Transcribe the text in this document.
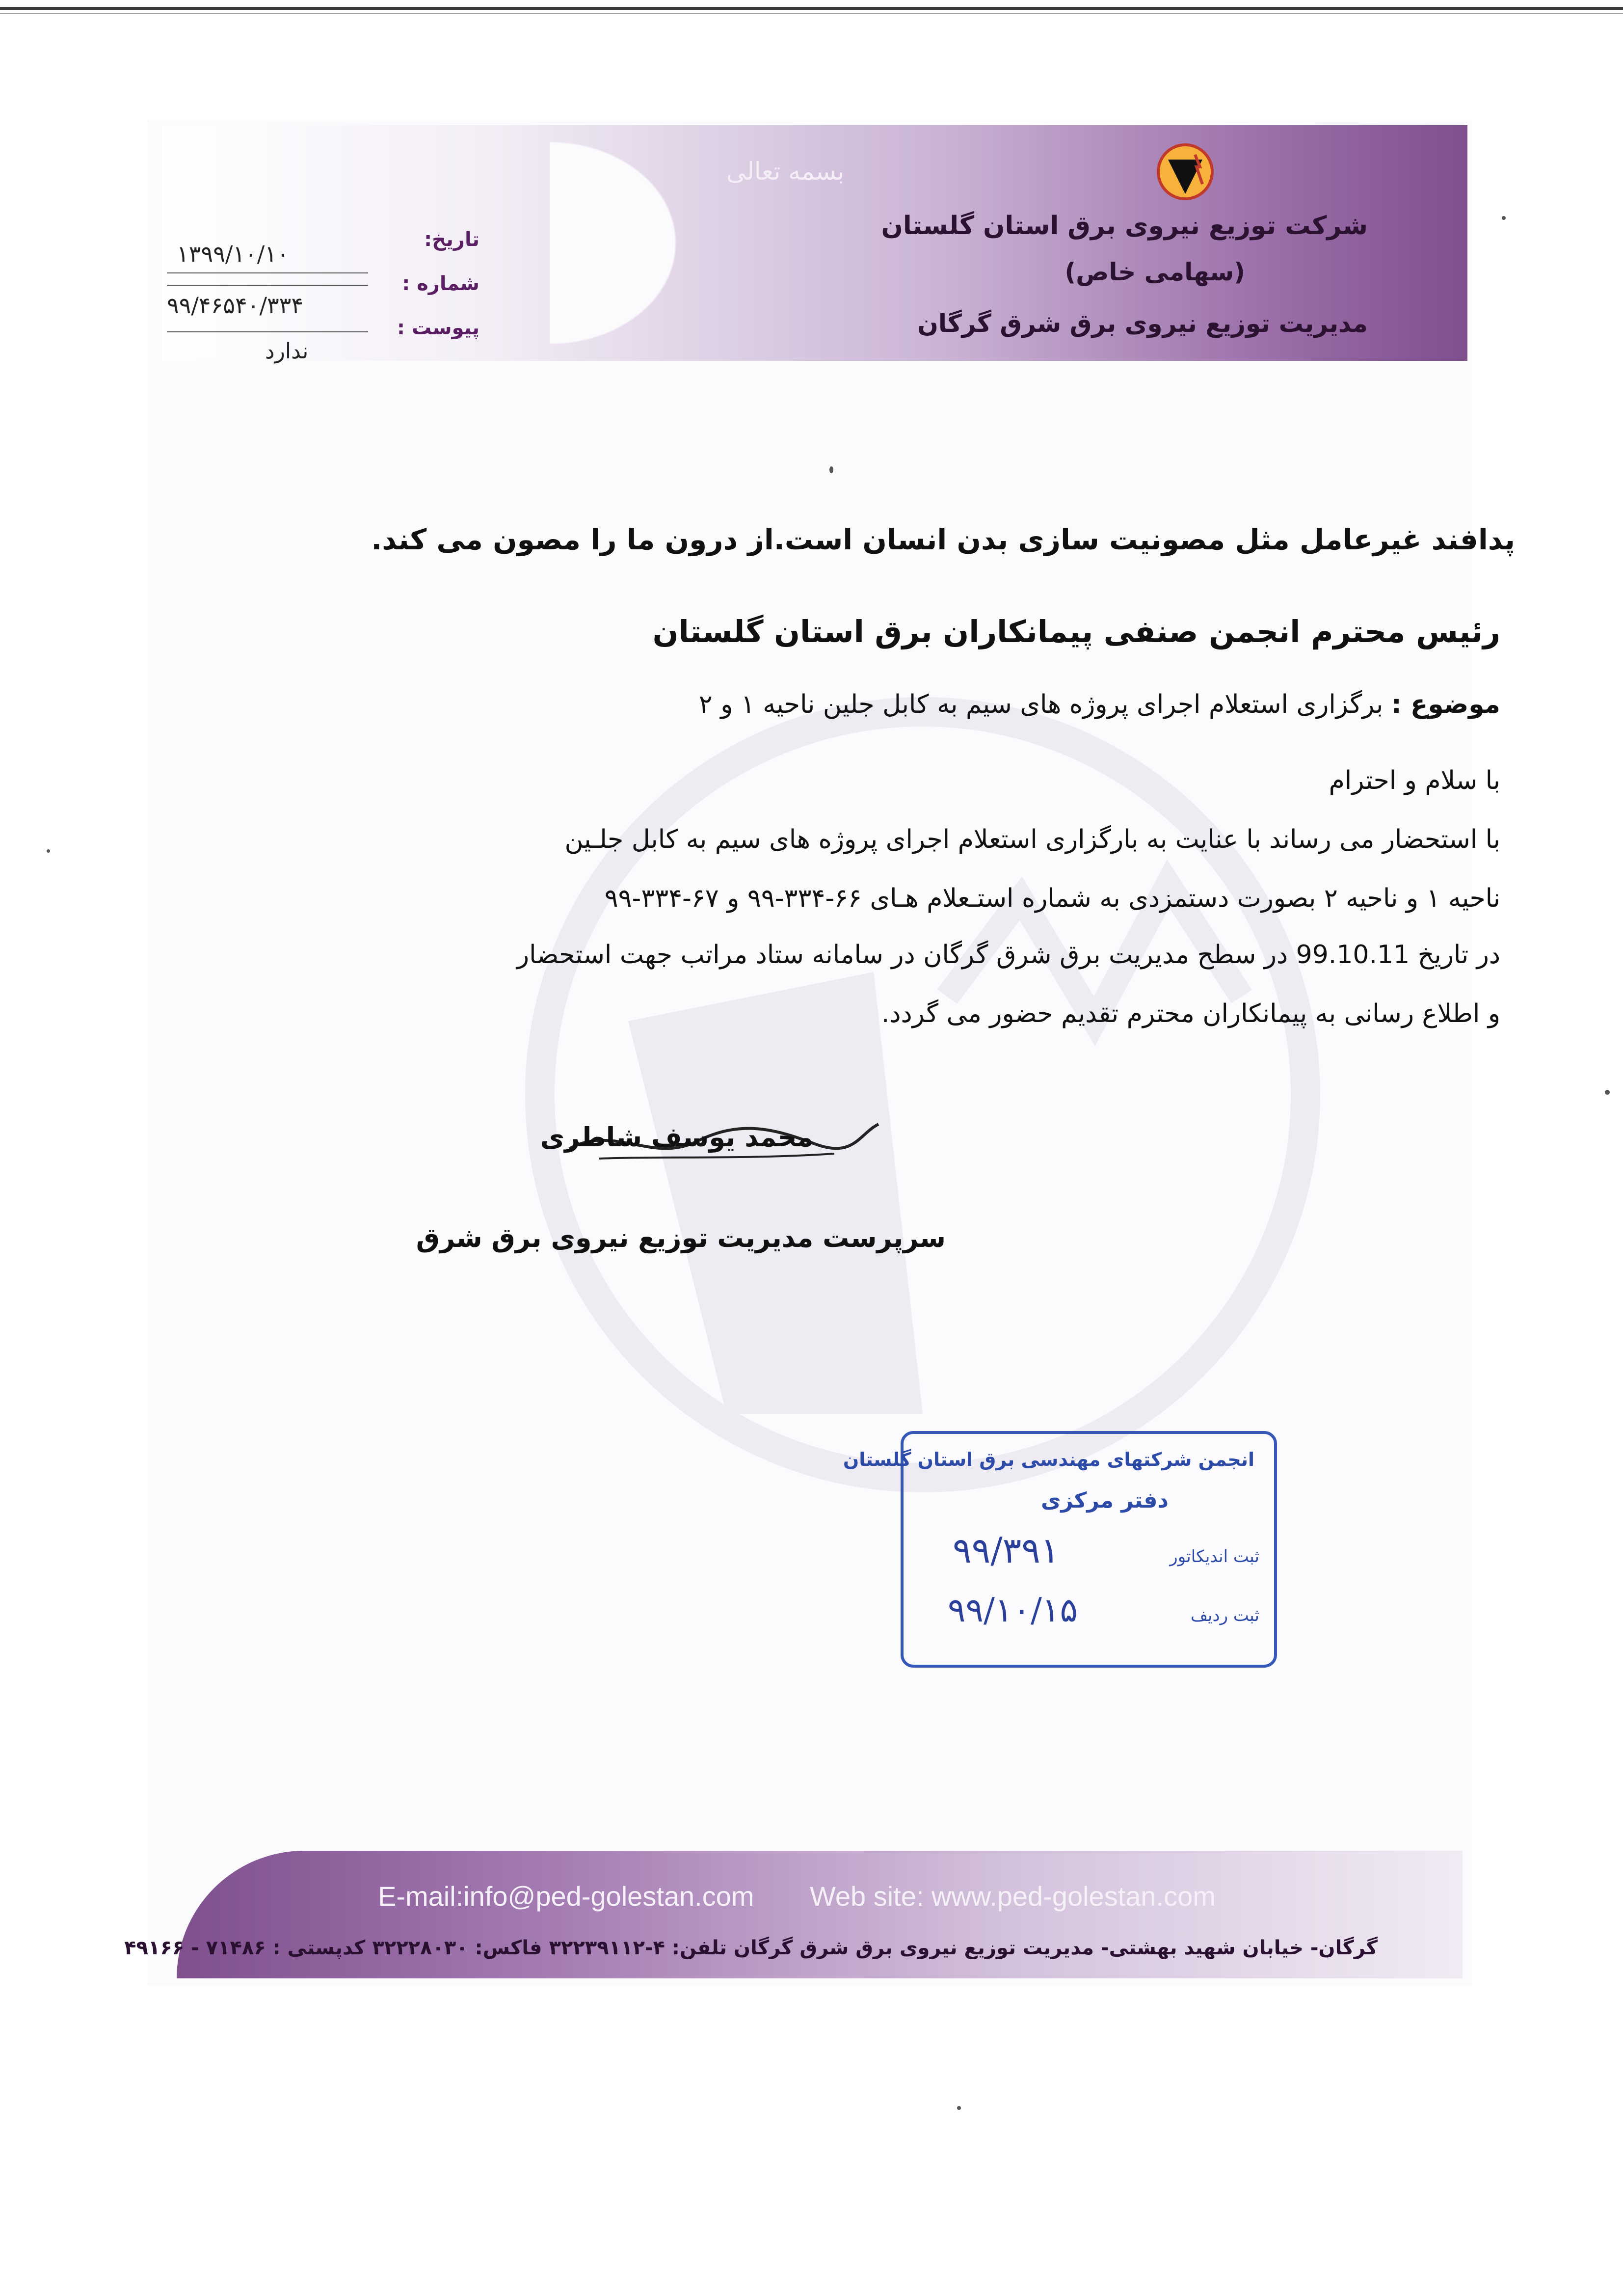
بسمه تعالی
شرکت توزیع نیروی برق استان گلستان
(سهامی خاص)
مدیریت توزیع نیروی برق شرق گرگان
تاریخ:
۱۳۹۹/۱۰/۱۰
شماره :
۹۹/۴۶۵۴۰/۳۳۴
پیوست :
ندارد
پدافند غیرعامل مثل مصونیت سازی بدن انسان است.از درون ما را مصون می کند.
رئیس محترم انجمن صنفی پیمانکاران برق استان گلستان
موضوع : برگزاری استعلام اجرای پروژه های سیم به کابل جلین ناحیه ۱ و ۲
با سلام و احترام
با استحضار می رساند با عنایت به بارگزاری استعلام اجرای پروژه های سیم به کابل جلـین
ناحیه ۱ و ناحیه ۲ بصورت دستمزدی به شماره استـعلام هـای ۶۶-۳۳۴-۹۹ و ۶۷-۳۳۴-۹۹
در تاریخ 99.10.11 در سطح مدیریت برق شرق گرگان در سامانه ستاد مراتب جهت استحضار
و اطلاع رسانی به پیمانکاران محترم تقدیم حضور می گردد.
محمد یوسف شاطری
سرپرست مدیریت توزیع نیروی برق شرق
انجمن شرکتهای مهندسی برق استان گلستان
دفتر مرکزی
ثبت اندیکاتور
۹۹/۳۹۱
ثبت ردیف
۹۹/۱۰/۱۵
E-mail:info@ped-golestan.com Web site: www.ped-golestan.com
گرگان- خیابان شهید بهشتی- مدیریت توزیع نیروی برق شرق گرگان تلفن: ۴-۳۲۲۳۹۱۱۲ فاکس: ۳۲۲۲۸۰۳۰ کدپستی : ۷۱۴۸۶ - ۴۹۱۶۶
